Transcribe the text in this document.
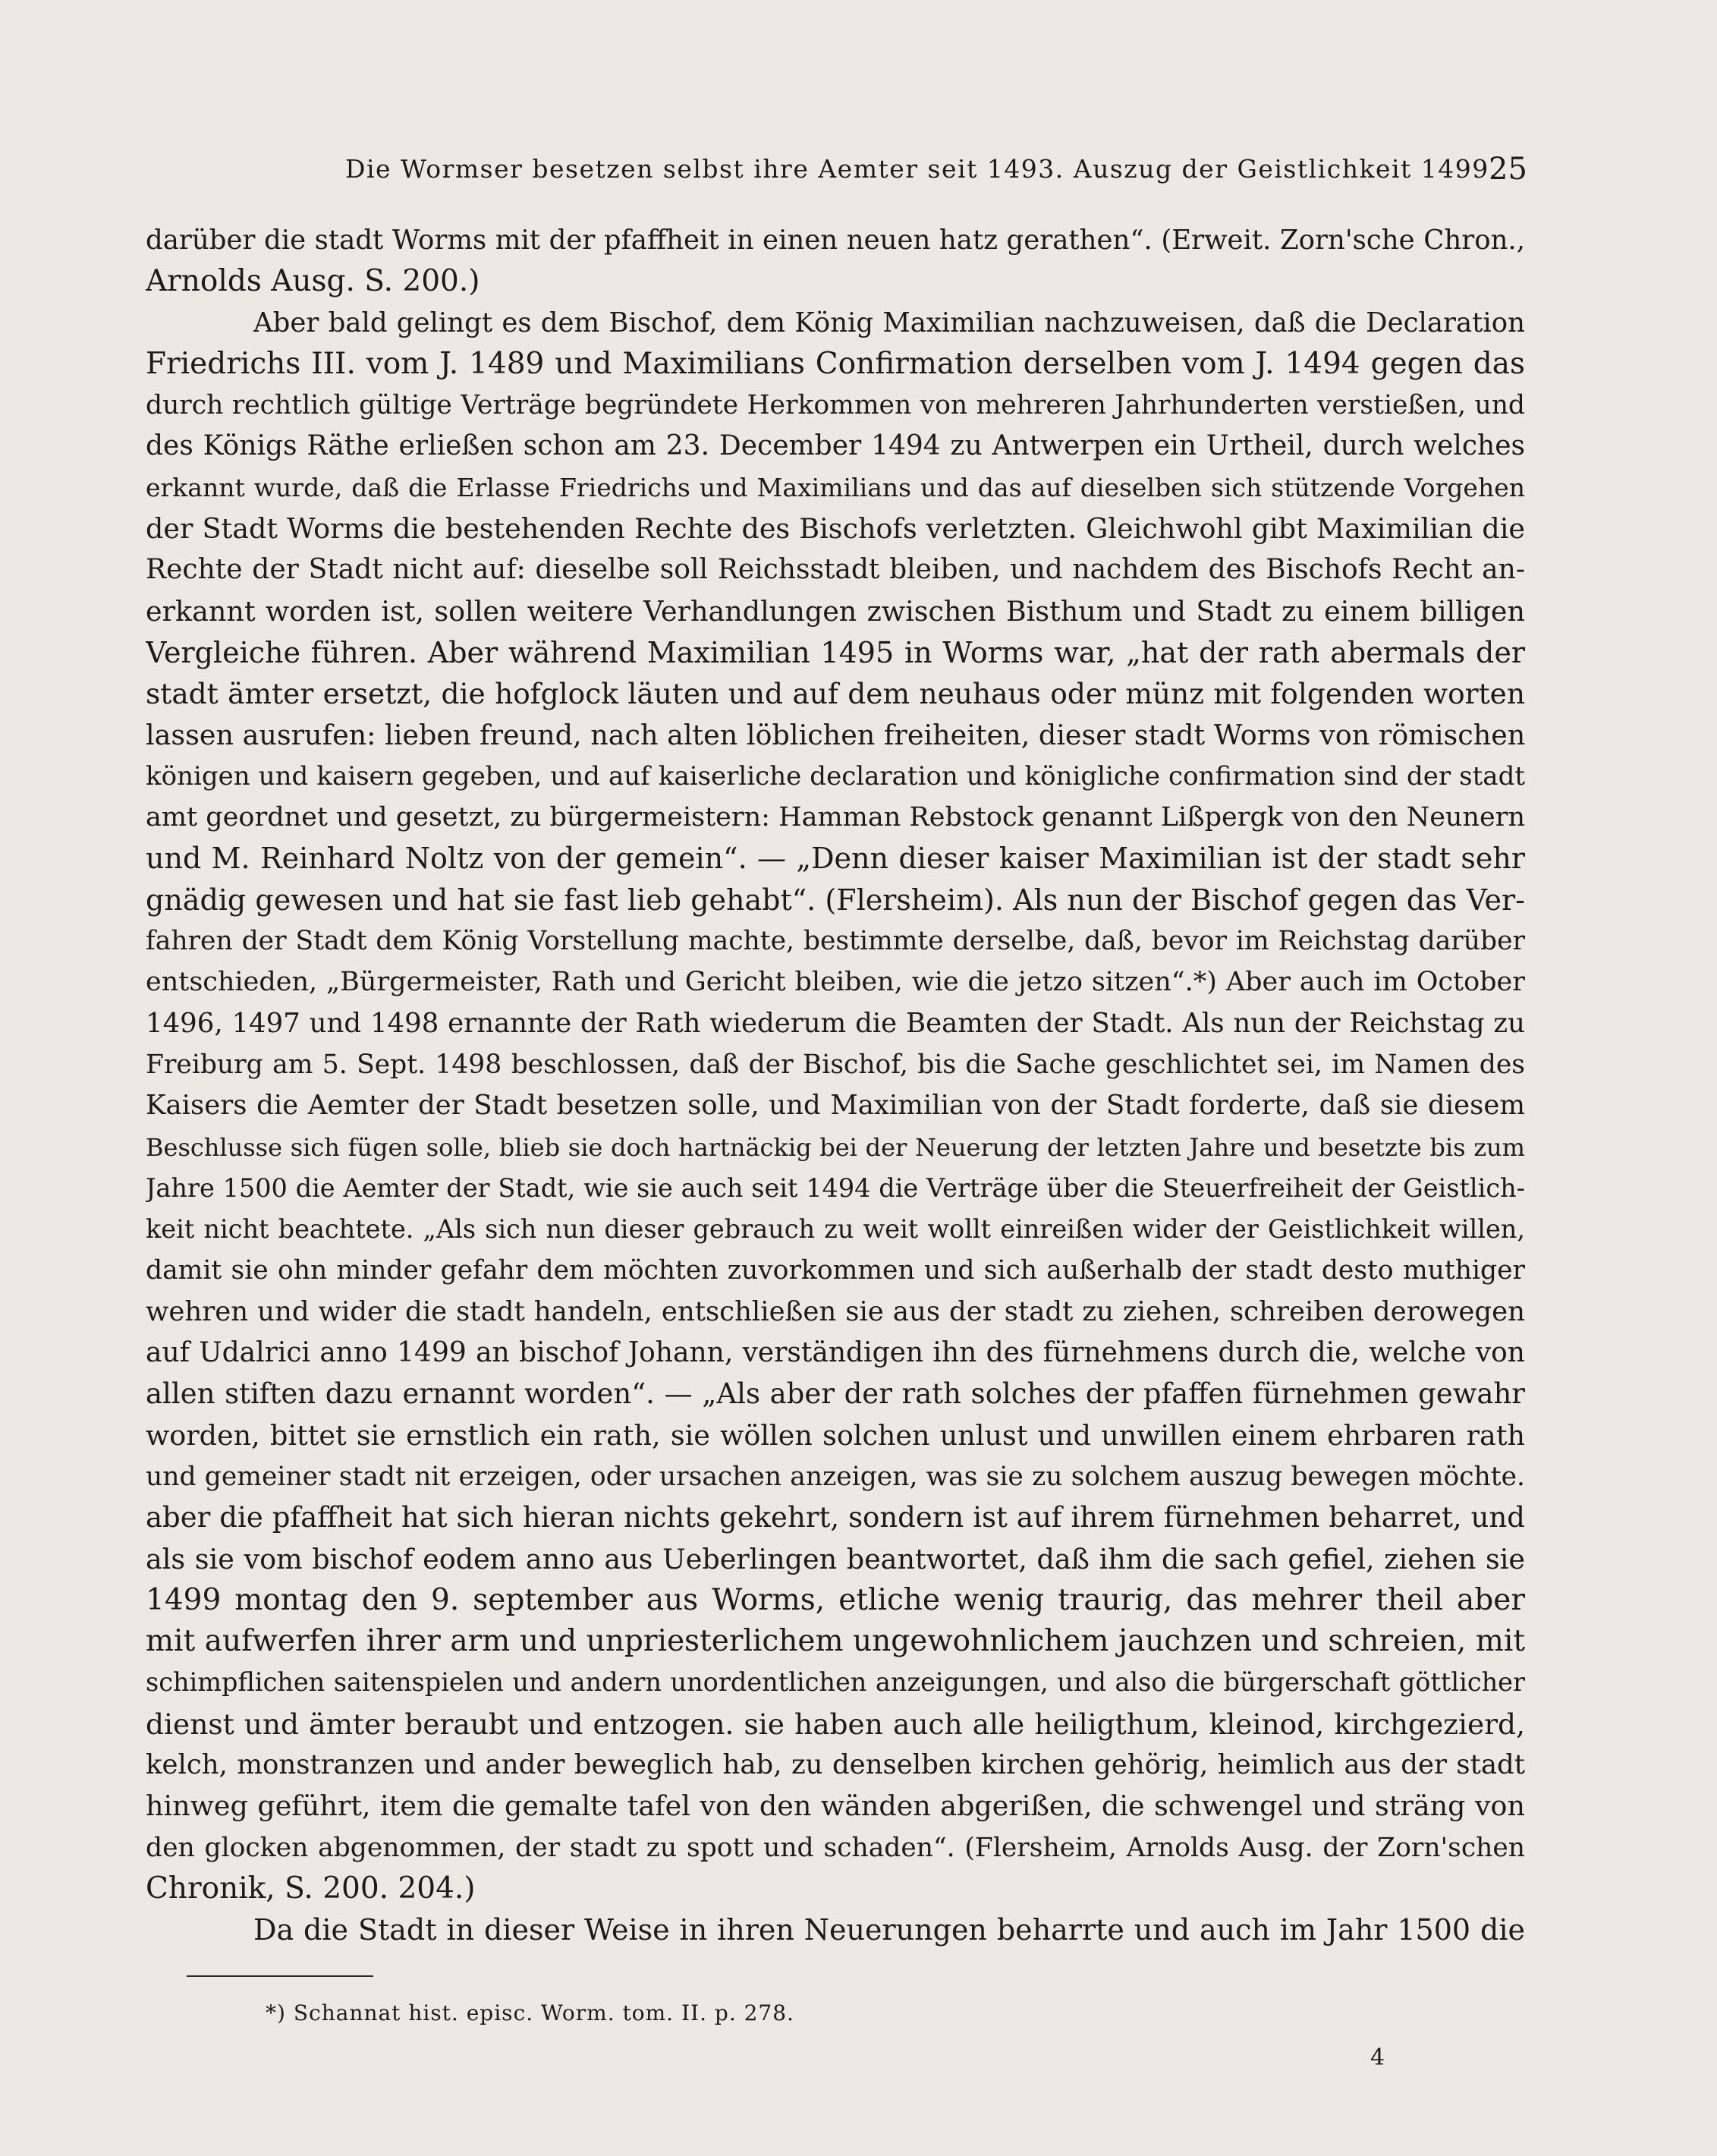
Die Wormser besetzen selbst ihre Aemter seit 1493. Auszug der Geistlichkeit 1499.
25
darüber die stadt Worms mit der pfaffheit in einen neuen hatz gerathen“. (Erweit. Zorn'sche Chron.,
Arnolds Ausg. S. 200.)
Aber bald gelingt es dem Bischof, dem König Maximilian nachzuweisen, daß die Declaration
Friedrichs III. vom J. 1489 und Maximilians Confirmation derselben vom J. 1494 gegen das
durch rechtlich gültige Verträge begründete Herkommen von mehreren Jahrhunderten verstießen, und
des Königs Räthe erließen schon am 23. December 1494 zu Antwerpen ein Urtheil, durch welches
erkannt wurde, daß die Erlasse Friedrichs und Maximilians und das auf dieselben sich stützende Vorgehen
der Stadt Worms die bestehenden Rechte des Bischofs verletzten. Gleichwohl gibt Maximilian die
Rechte der Stadt nicht auf: dieselbe soll Reichsstadt bleiben, und nachdem des Bischofs Recht an-
erkannt worden ist, sollen weitere Verhandlungen zwischen Bisthum und Stadt zu einem billigen
Vergleiche führen. Aber während Maximilian 1495 in Worms war, „hat der rath abermals der
stadt ämter ersetzt, die hofglock läuten und auf dem neuhaus oder münz mit folgenden worten
lassen ausrufen: lieben freund, nach alten löblichen freiheiten, dieser stadt Worms von römischen
königen und kaisern gegeben, und auf kaiserliche declaration und königliche confirmation sind der stadt
amt geordnet und gesetzt, zu bürgermeistern: Hamman Rebstock genannt Lißpergk von den Neunern
und M. Reinhard Noltz von der gemein“. — „Denn dieser kaiser Maximilian ist der stadt sehr
gnädig gewesen und hat sie fast lieb gehabt“. (Flersheim). Als nun der Bischof gegen das Ver-
fahren der Stadt dem König Vorstellung machte, bestimmte derselbe, daß, bevor im Reichstag darüber
entschieden, „Bürgermeister, Rath und Gericht bleiben, wie die jetzo sitzen“.*) Aber auch im October
1496, 1497 und 1498 ernannte der Rath wiederum die Beamten der Stadt. Als nun der Reichstag zu
Freiburg am 5. Sept. 1498 beschlossen, daß der Bischof, bis die Sache geschlichtet sei, im Namen des
Kaisers die Aemter der Stadt besetzen solle, und Maximilian von der Stadt forderte, daß sie diesem
Beschlusse sich fügen solle, blieb sie doch hartnäckig bei der Neuerung der letzten Jahre und besetzte bis zum
Jahre 1500 die Aemter der Stadt, wie sie auch seit 1494 die Verträge über die Steuerfreiheit der Geistlich-
keit nicht beachtete. „Als sich nun dieser gebrauch zu weit wollt einreißen wider der Geistlichkeit willen,
damit sie ohn minder gefahr dem möchten zuvorkommen und sich außerhalb der stadt desto muthiger
wehren und wider die stadt handeln, entschließen sie aus der stadt zu ziehen, schreiben derowegen
auf Udalrici anno 1499 an bischof Johann, verständigen ihn des fürnehmens durch die, welche von
allen stiften dazu ernannt worden“. — „Als aber der rath solches der pfaffen fürnehmen gewahr
worden, bittet sie ernstlich ein rath, sie wöllen solchen unlust und unwillen einem ehrbaren rath
und gemeiner stadt nit erzeigen, oder ursachen anzeigen, was sie zu solchem auszug bewegen möchte.
aber die pfaffheit hat sich hieran nichts gekehrt, sondern ist auf ihrem fürnehmen beharret, und
als sie vom bischof eodem anno aus Ueberlingen beantwortet, daß ihm die sach gefiel, ziehen sie
1499 montag den 9. september aus Worms, etliche wenig traurig, das mehrer theil aber
mit aufwerfen ihrer arm und unpriesterlichem ungewohnlichem jauchzen und schreien, mit
schimpflichen saitenspielen und andern unordentlichen anzeigungen, und also die bürgerschaft göttlicher
dienst und ämter beraubt und entzogen. sie haben auch alle heiligthum, kleinod, kirchgezierd,
kelch, monstranzen und ander beweglich hab, zu denselben kirchen gehörig, heimlich aus der stadt
hinweg geführt, item die gemalte tafel von den wänden abgerißen, die schwengel und sträng von
den glocken abgenommen, der stadt zu spott und schaden“. (Flersheim, Arnolds Ausg. der Zorn'schen
Chronik, S. 200. 204.)
Da die Stadt in dieser Weise in ihren Neuerungen beharrte und auch im Jahr 1500 die
*) Schannat hist. episc. Worm. tom. II. p. 278.
4
